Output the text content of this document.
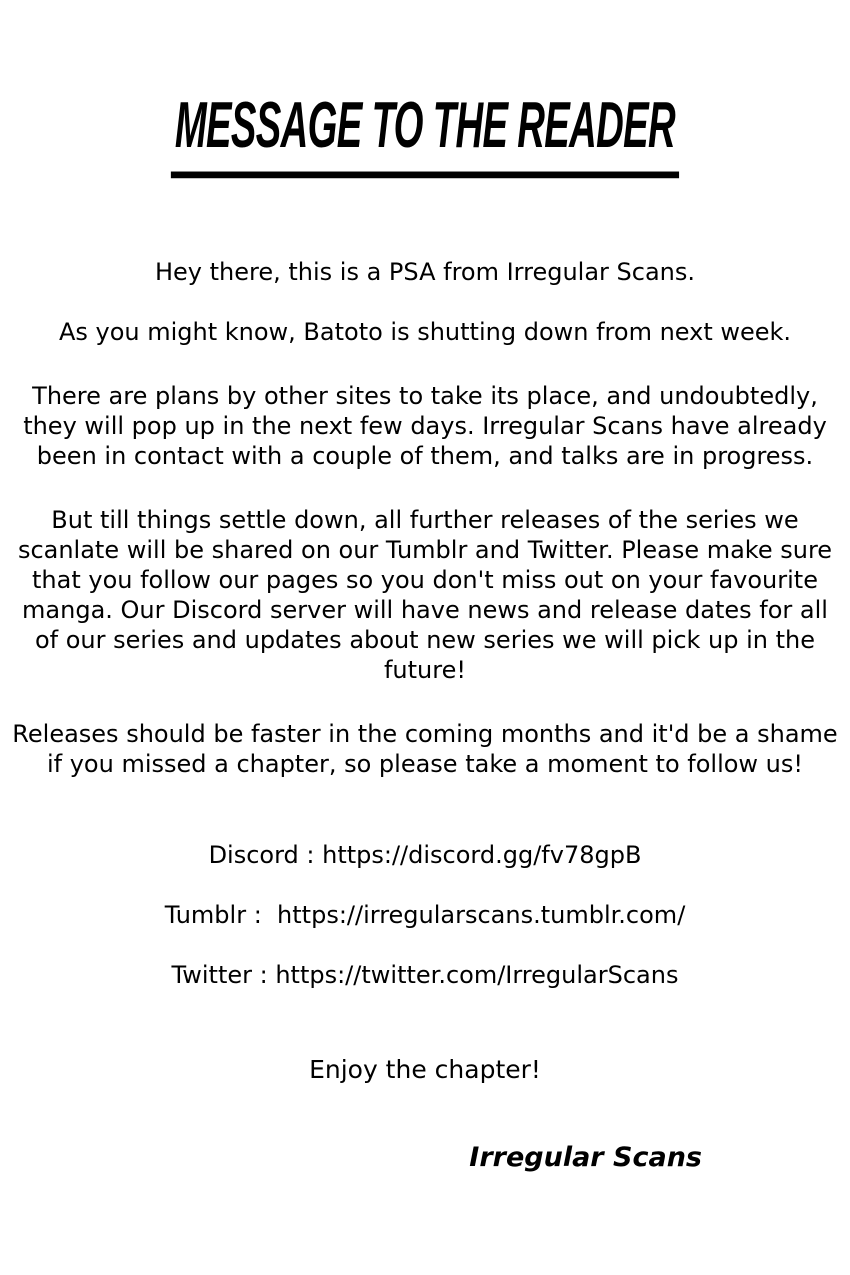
MESSAGE TO THE READER

Hey there, this is a PSA from Irregular Scans.

As you might know, Batoto is shutting down from next week.

There are plans by other sites to take its place, and undoubtedly, they will pop up in the next few days. Irregular Scans have already been in contact with a couple of them, and talks are in progress.

But till things settle down, all further releases of the series we scanlate will be shared on our Tumblr and Twitter. Please make sure that you follow our pages so you don't miss out on your favourite manga. Our Discord server will have news and release dates for all of our series and updates about new series we will pick up in the future!

Releases should be faster in the coming months and it'd be a shame if you missed a chapter, so please take a moment to follow us!

Discord : https://discord.gg/fv78gpB

Tumblr :  https://irregularscans.tumblr.com/

Twitter : https://twitter.com/IrregularScans

Enjoy the chapter!
Irregular Scans
